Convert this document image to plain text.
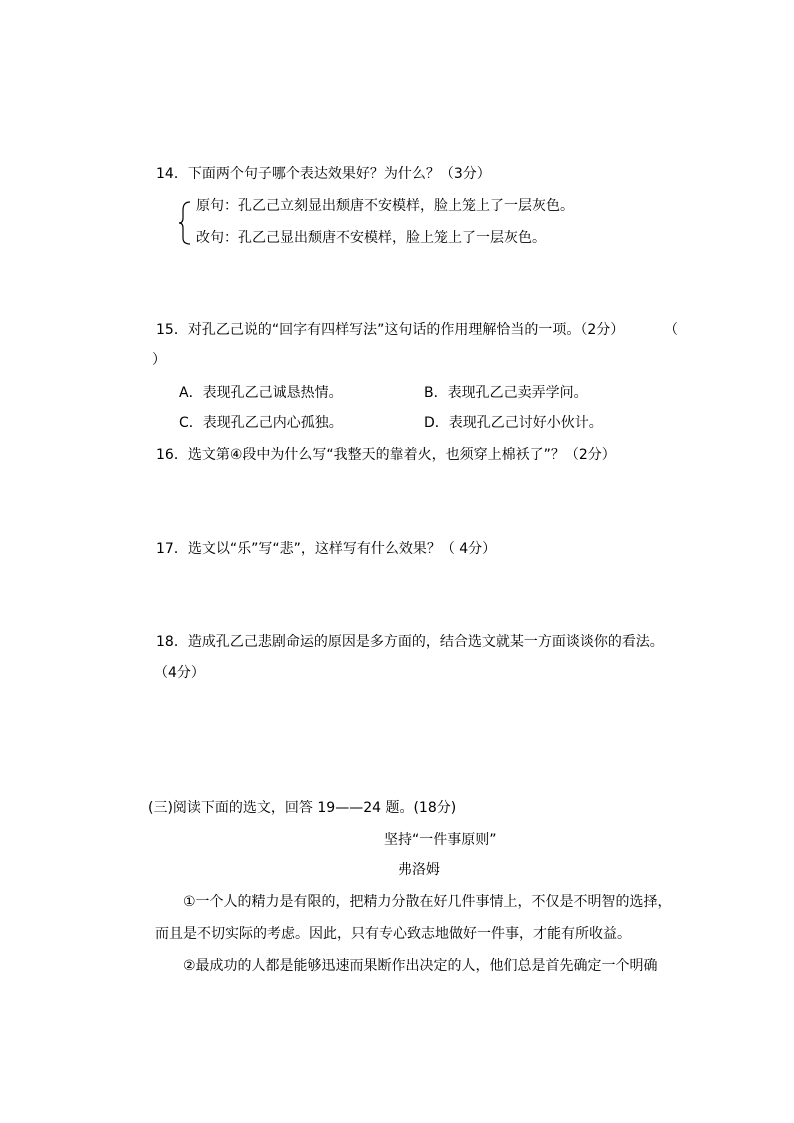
14．下面两个句子哪个表达效果好？为什么？（3分）
原句：孔乙己立刻显出颓唐不安模样，脸上笼上了一层灰色。
改句：孔乙己显出颓唐不安模样，脸上笼上了一层灰色。
15．对孔乙己说的“回字有四样写法”这句话的作用理解恰当的一项。（2分）	（
）
A．表现孔乙己诚恳热情。	B．表现孔乙己卖弄学问。
C．表现孔乙己内心孤独。	D．表现孔乙己讨好小伙计。
16．选文第④段中为什么写“我整天的靠着火，也须穿上棉袄了”？（2分）
17．选文以“乐”写“悲”，这样写有什么效果？（ 4分）
18．造成孔乙己悲剧命运的原因是多方面的，结合选文就某一方面谈谈你的看法。
（4分）
(三)阅读下面的选文，回答 19——24 题。(18分)
坚持“一件事原则”
弗洛姆
①一个人的精力是有限的，把精力分散在好几件事情上，不仅是不明智的选择，
而且是不切实际的考虑。因此，只有专心致志地做好一件事，才能有所收益。
②最成功的人都是能够迅速而果断作出决定的人，他们总是首先确定一个明确
